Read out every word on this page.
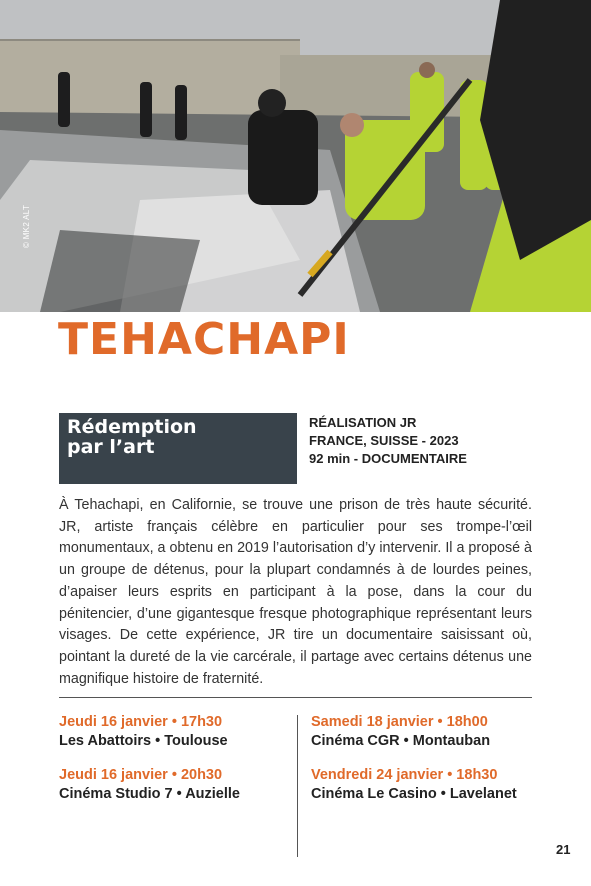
© MK2 ALT
TEHACHAPI
Rédemption
par l’art
RÉALISATION JR
FRANCE, SUISSE - 2023
92 min - DOCUMENTAIRE

À Tehachapi, en Californie, se trouve une prison de très haute sécurité. JR, artiste français célèbre en particulier pour ses trompe-l’œil monumentaux, a obtenu en 2019 l’autorisation d’y intervenir. Il a proposé à un groupe de détenus, pour la plupart condamnés à de lourdes peines, d’apaiser leurs esprits en participant à la pose, dans la cour du pénitencier, d’une gigantesque fresque photographique représentant leurs visages. De cette expérience, JR tire un documentaire saisissant où, pointant la dureté de la vie carcérale, il partage avec certains détenus une magnifique histoire de fraternité.

Jeudi 16 janvier • 17h30
Les Abattoirs • Toulouse
Jeudi 16 janvier • 20h30
Cinéma Studio 7 • Auzielle
Samedi 18 janvier • 18h00
Cinéma CGR • Montauban
Vendredi 24 janvier • 18h30
Cinéma Le Casino • Lavelanet
21
